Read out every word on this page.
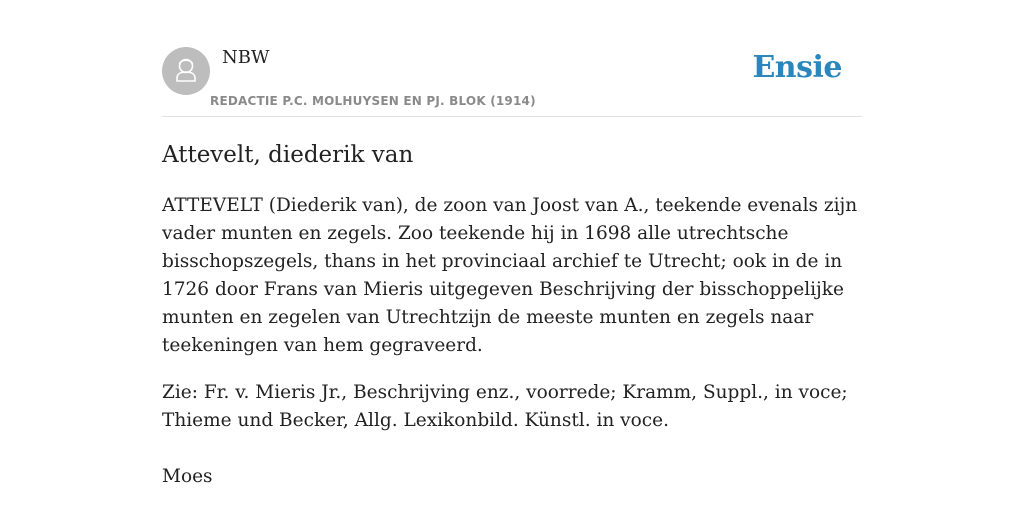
NBW
REDACTIE P.C. MOLHUYSEN EN PJ. BLOK (1914)
Ensie
Attevelt, diederik van

ATTEVELT (Diederik van), de zoon van Joost van A., teekende evenals zijn vader munten en zegels. Zoo teekende hij in 1698 alle utrechtsche bisschopszegels, thans in het provinciaal archief te Utrecht; ook in de in 1726 door Frans van Mieris uitgegeven Beschrijving der bisschoppelijke munten en zegelen van Utrechtzijn de meeste munten en zegels naar teekeningen van hem gegraveerd.

Zie: Fr. v. Mieris Jr., Beschrijving enz., voorrede; Kramm, Suppl., in voce; Thieme und Becker, Allg. Lexikonbild. Künstl. in voce.

Moes
